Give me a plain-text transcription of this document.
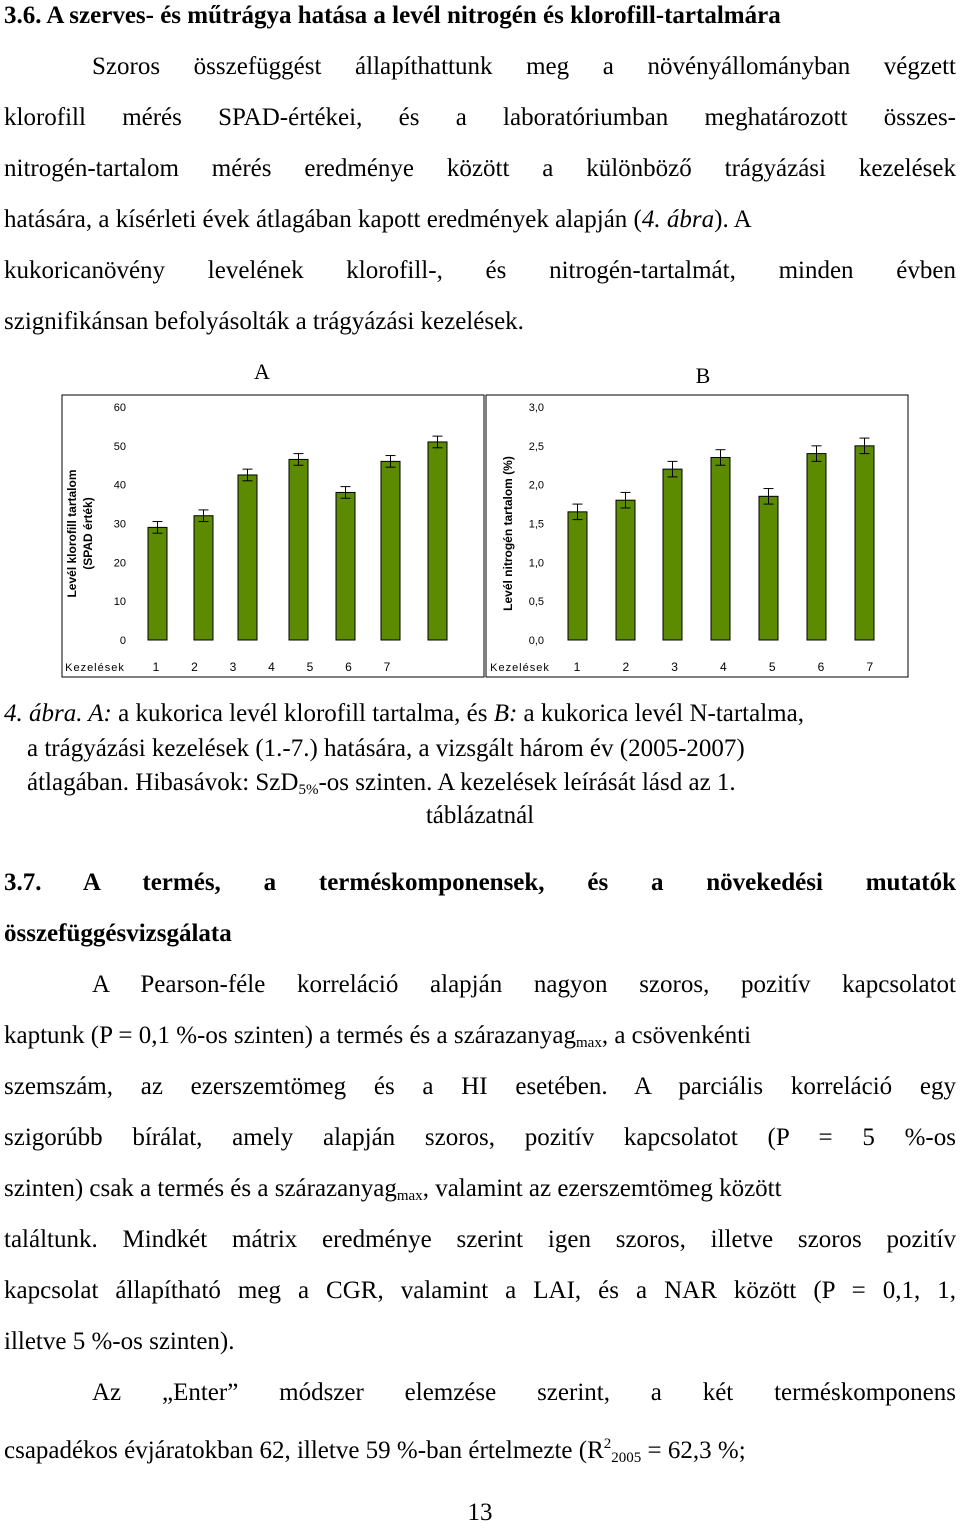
3.6. A szerves- és műtrágya hatása a levél nitrogén és klorofill-tartalmára
Szoros összefüggést állapíthattunk meg a növényállományban végzett
klorofill mérés SPAD-értékei, és a laboratóriumban meghatározott összes-
nitrogén-tartalom mérés eredménye között a különböző trágyázási kezelések
hatására, a kísérleti évek átlagában kapott eredmények alapján (4. ábra). A
kukoricanövény levelének klorofill-, és nitrogén-tartalmát, minden évben
szignifikánsan befolyásolták a trágyázási kezelések.
A
0
10
20
30
40
50
60
Levél klorofill tartalom (SPAD érték)
Kezelések 1	2	3	4	5	6	7
B
0,0
0,5
1,0
1,5
2,0
2,5
3,0
Levél nitrogén tartalom (%)
Kezelések 1	2	3	4	5	6	7
4. ábra. A: a kukorica levél klorofill tartalma, és B: a kukorica levél N-tartalma,
a trágyázási kezelések (1.-7.) hatására, a vizsgált három év (2005-2007)
átlagában. Hibasávok: SzD$_{5\%}$-os szinten. A kezelések leírását lásd az 1.
táblázatnál
3.7. A termés, a terméskomponensek, és a növekedési mutatók
összefüggésvizsgálata
A Pearson-féle korreláció alapján nagyon szoros, pozitív kapcsolatot
kaptunk (P = 0,1 %-os szinten) a termés és a szárazanyag$_{max}$, a csövenkénti
szemszám, az ezerszemtömeg és a HI esetében. A parciális korreláció egy
szigorúbb bírálat, amely alapján szoros, pozitív kapcsolatot (P = 5 %-os
szinten) csak a termés és a szárazanyag$_{max}$, valamint az ezerszemtömeg között
találtunk. Mindkét mátrix eredménye szerint igen szoros, illetve szoros pozitív
kapcsolat állapítható meg a CGR, valamint a LAI, és a NAR között (P = 0,1, 1,
illetve 5 %-os szinten).
Az „Enter” módszer elemzése szerint, a két terméskomponens
csapadékos évjáratokban 62, illetve 59 %-ban értelmezte ($R^2_{2005} = 62,3$ %;
13
